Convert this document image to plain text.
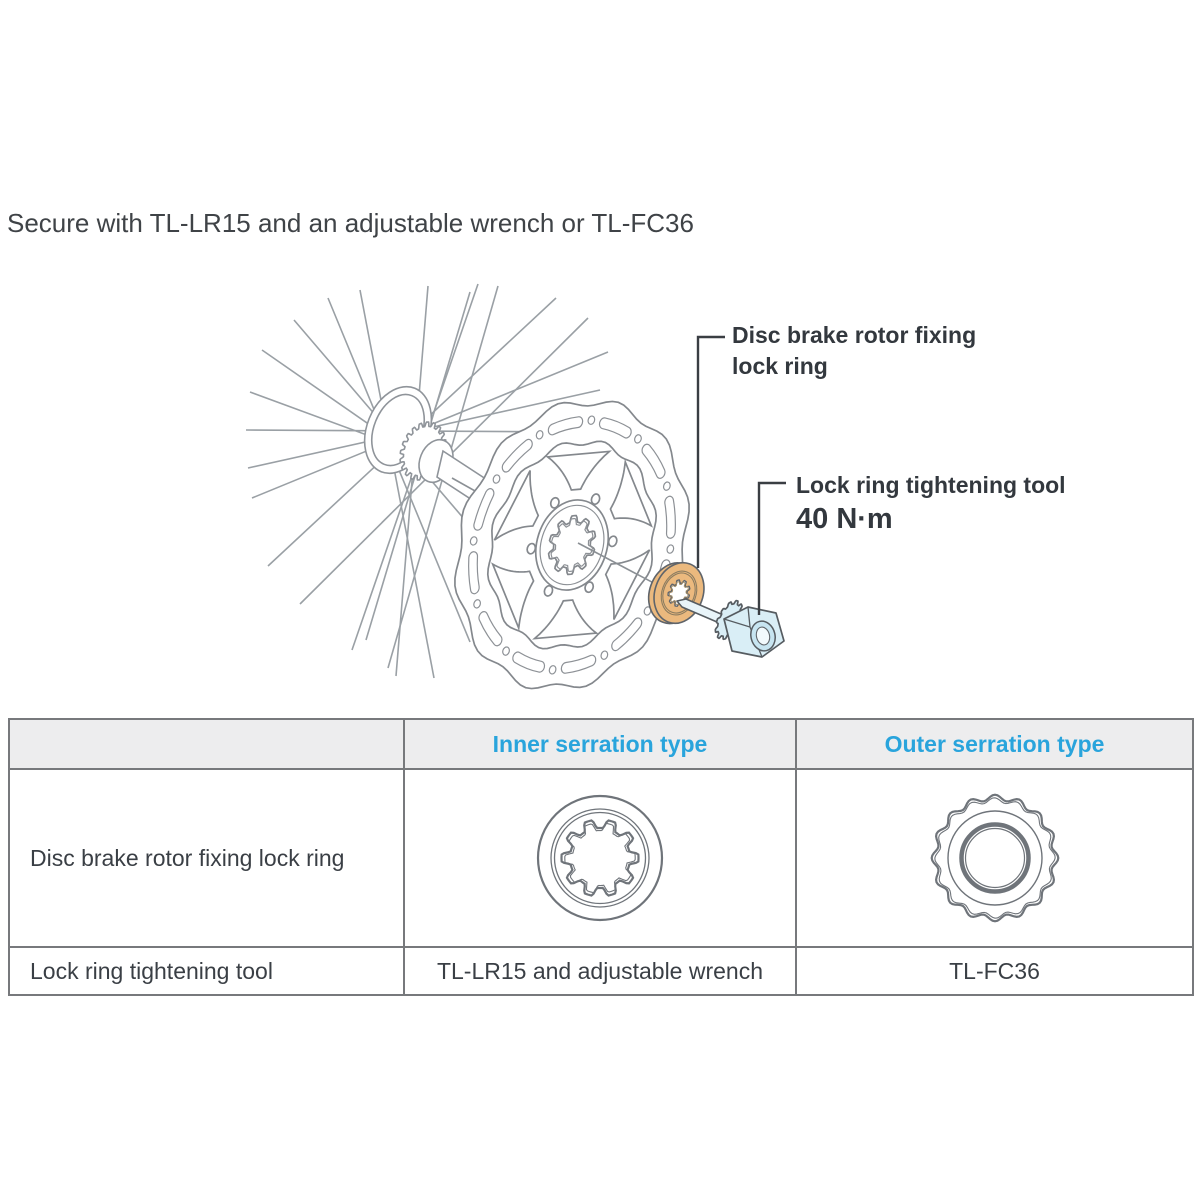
Secure with TL-LR15 and an adjustable wrench or TL-FC36
Disc brake rotor fixing
lock ring
Lock ring tightening tool
40 N·m
	Inner serration type	Outer serration type
Disc brake rotor fixing lock ring	

Lock ring tightening tool	TL-LR15 and adjustable wrench	TL-FC36
